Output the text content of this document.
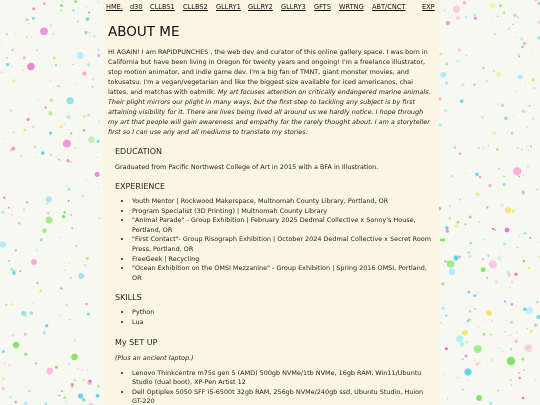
HME. d30 CLLBS1 CLLBS2 GLLRY1 GLLRY2 GLLRY3 GFTS WRTNG ABT/CNCT	EXP
ABOUT ME

HI AGAIN! I am RAPIDPUNCHES , the web dev and curator of this online gallery space. I was born in California but have been living in Oregon for twenty years and ongoing! I'm a freelance illustrator, stop motion animator, and indie game dev. I'm a big fan of TMNT, giant monster movies, and tokusatsu. I'm a vegan/vegetarian and like the biggest size available for iced americanos, chai lattes, and matchas with oatmilk. My art focuses attention on critically endangered marine animals. Their plight mirrors our plight in many ways, but the first step to tackling any subject is by first attaining visibility for it. There are lives being lived all around us we hardly notice. I hope through my art that people will gain awareness and empathy for the rarely thought about. I am a storyteller first so I can use any and all mediums to translate my stories.

EDUCATION

Graduated from Pacific Northwest College of Art in 2015 with a BFA in Illustration.

EXPERIENCE
• Youth Mentor | Rockwood Makerspace, Multnomah County Library, Portland, OR
• Program Specialist (3D Printing) | Multnomah County Library
• "Animal Parade" - Group Exhibition | February 2025 Dedmal Collective x Sonny's House, Portland, OR
• "First Contact"- Group Risograph Exhibition | October 2024 Dedmal Collective x Secret Room Press, Portland, OR
• FreeGeek | Recycling
• "Ocean Exhibition on the OMSI Mezzanine" - Group Exhibition | Spring 2016 OMSI, Portland, OR
SKILLS
• Python
• Lua
My SET UP

(Plus an ancient laptop.)

• Lenovo Thinkcentre m75s gen 5 (AMD) 500gb NVMe/1tb NVMe, 16gb RAM, Win11/Ubuntu Studio (dual boot), XP-Pen Artist 12
• Dell Optiplex 5050 SFF i5-6500t 32gb RAM, 256gb NVMe/240gb ssd, Ubuntu Studio, Huion GT-220
